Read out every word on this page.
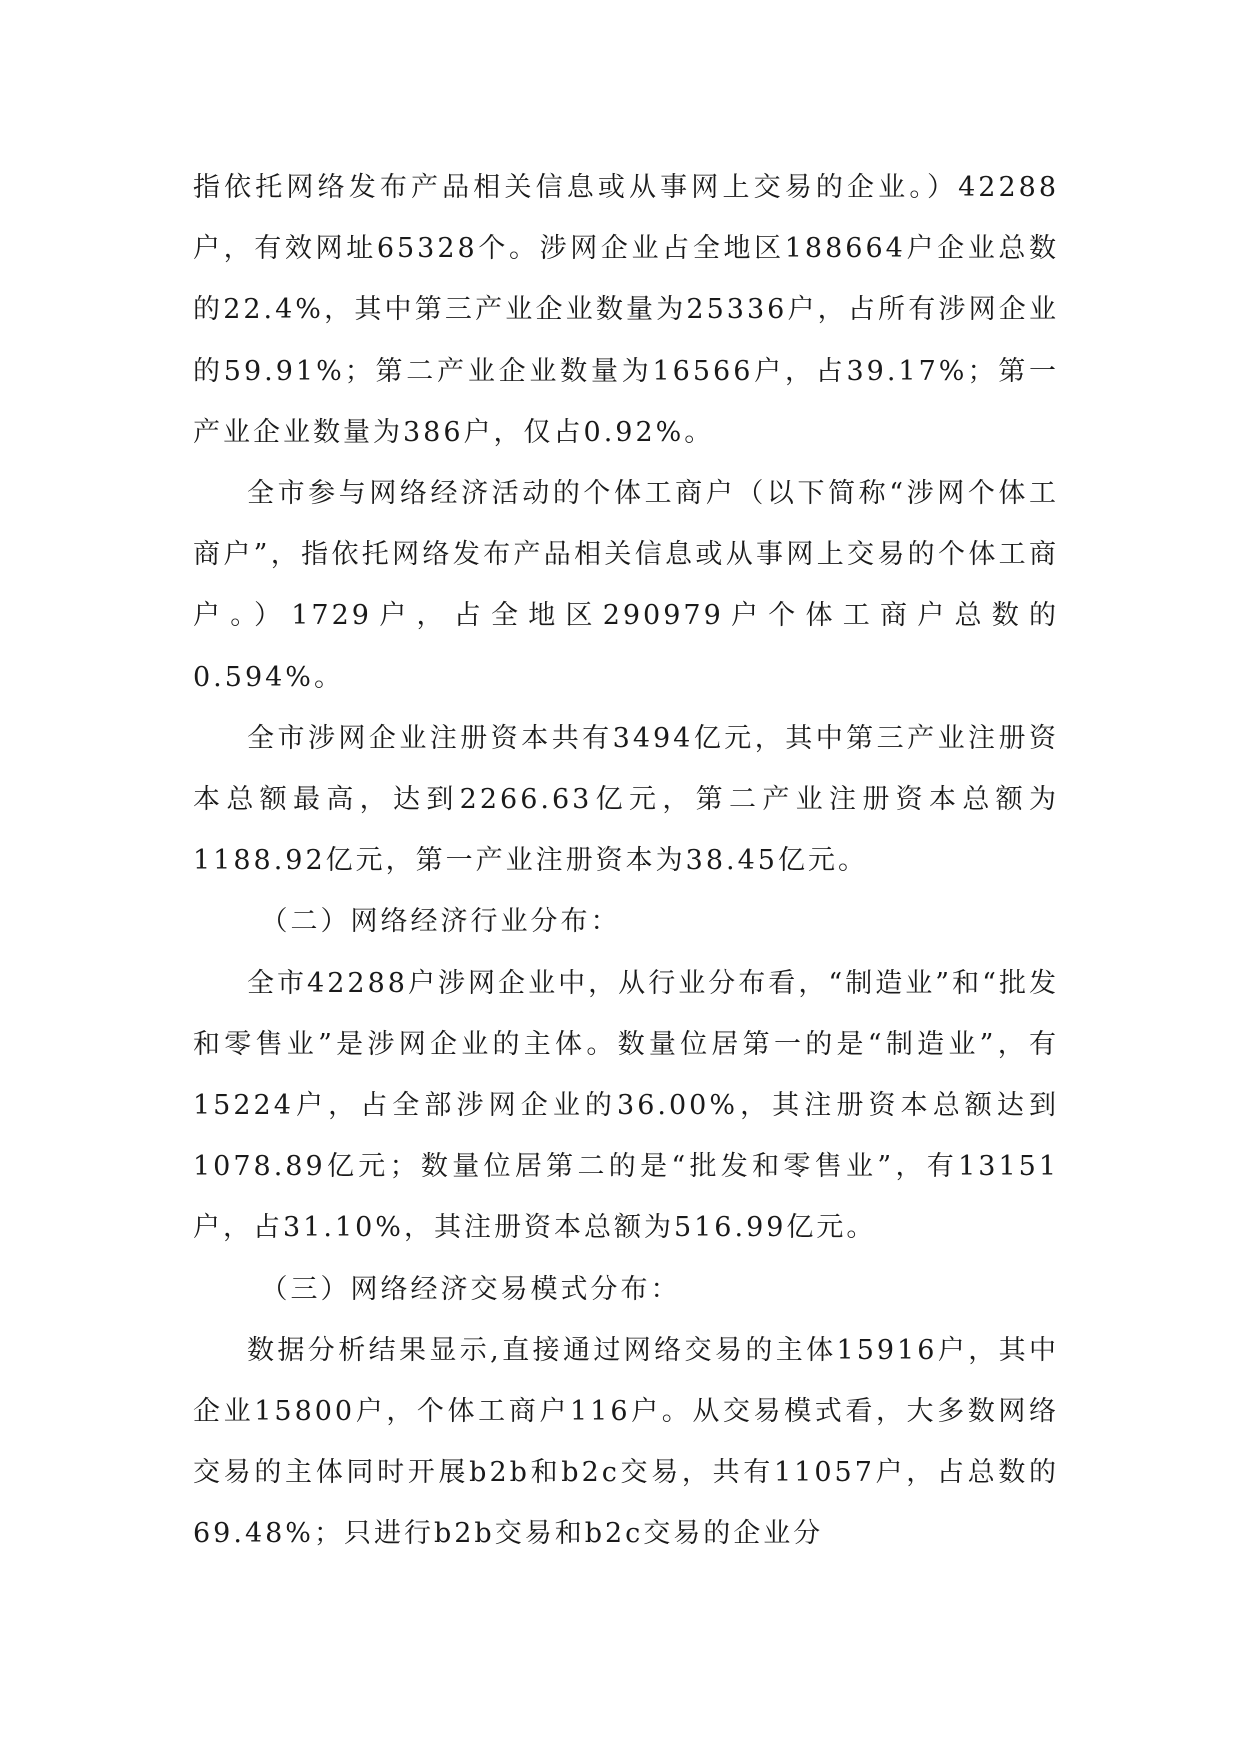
指依托网络发布产品相关信息或从事网上交易的企业。）42288户，有效网址65328个。涉网企业占全地区188664户企业总数的22.4%，其中第三产业企业数量为25336户，占所有涉网企业的59.91%；第二产业企业数量为16566户，占39.17%；第一产业企业数量为386户，仅占0.92%。

全市参与网络经济活动的个体工商户（以下简称“涉网个体工商户”，指依托网络发布产品相关信息或从事网上交易的个体工商户。）1729户，占全地区290979户个体工商户总数的0.594%。

全市涉网企业注册资本共有3494亿元，其中第三产业注册资本总额最高，达到2266.63亿元，第二产业注册资本总额为1188.92亿元，第一产业注册资本为38.45亿元。

（二）网络经济行业分布：

全市42288户涉网企业中，从行业分布看，“制造业”和“批发和零售业”是涉网企业的主体。数量位居第一的是“制造业”，有15224户，占全部涉网企业的36.00%，其注册资本总额达到1078.89亿元；数量位居第二的是“批发和零售业”，有13151户，占31.10%，其注册资本总额为516.99亿元。

（三）网络经济交易模式分布：

数据分析结果显示,直接通过网络交易的主体15916户，其中企业15800户，个体工商户116户。从交易模式看，大多数网络交易的主体同时开展b2b和b2c交易，共有11057户，占总数的69.48%；只进行b2b交易和b2c交易的企业分
